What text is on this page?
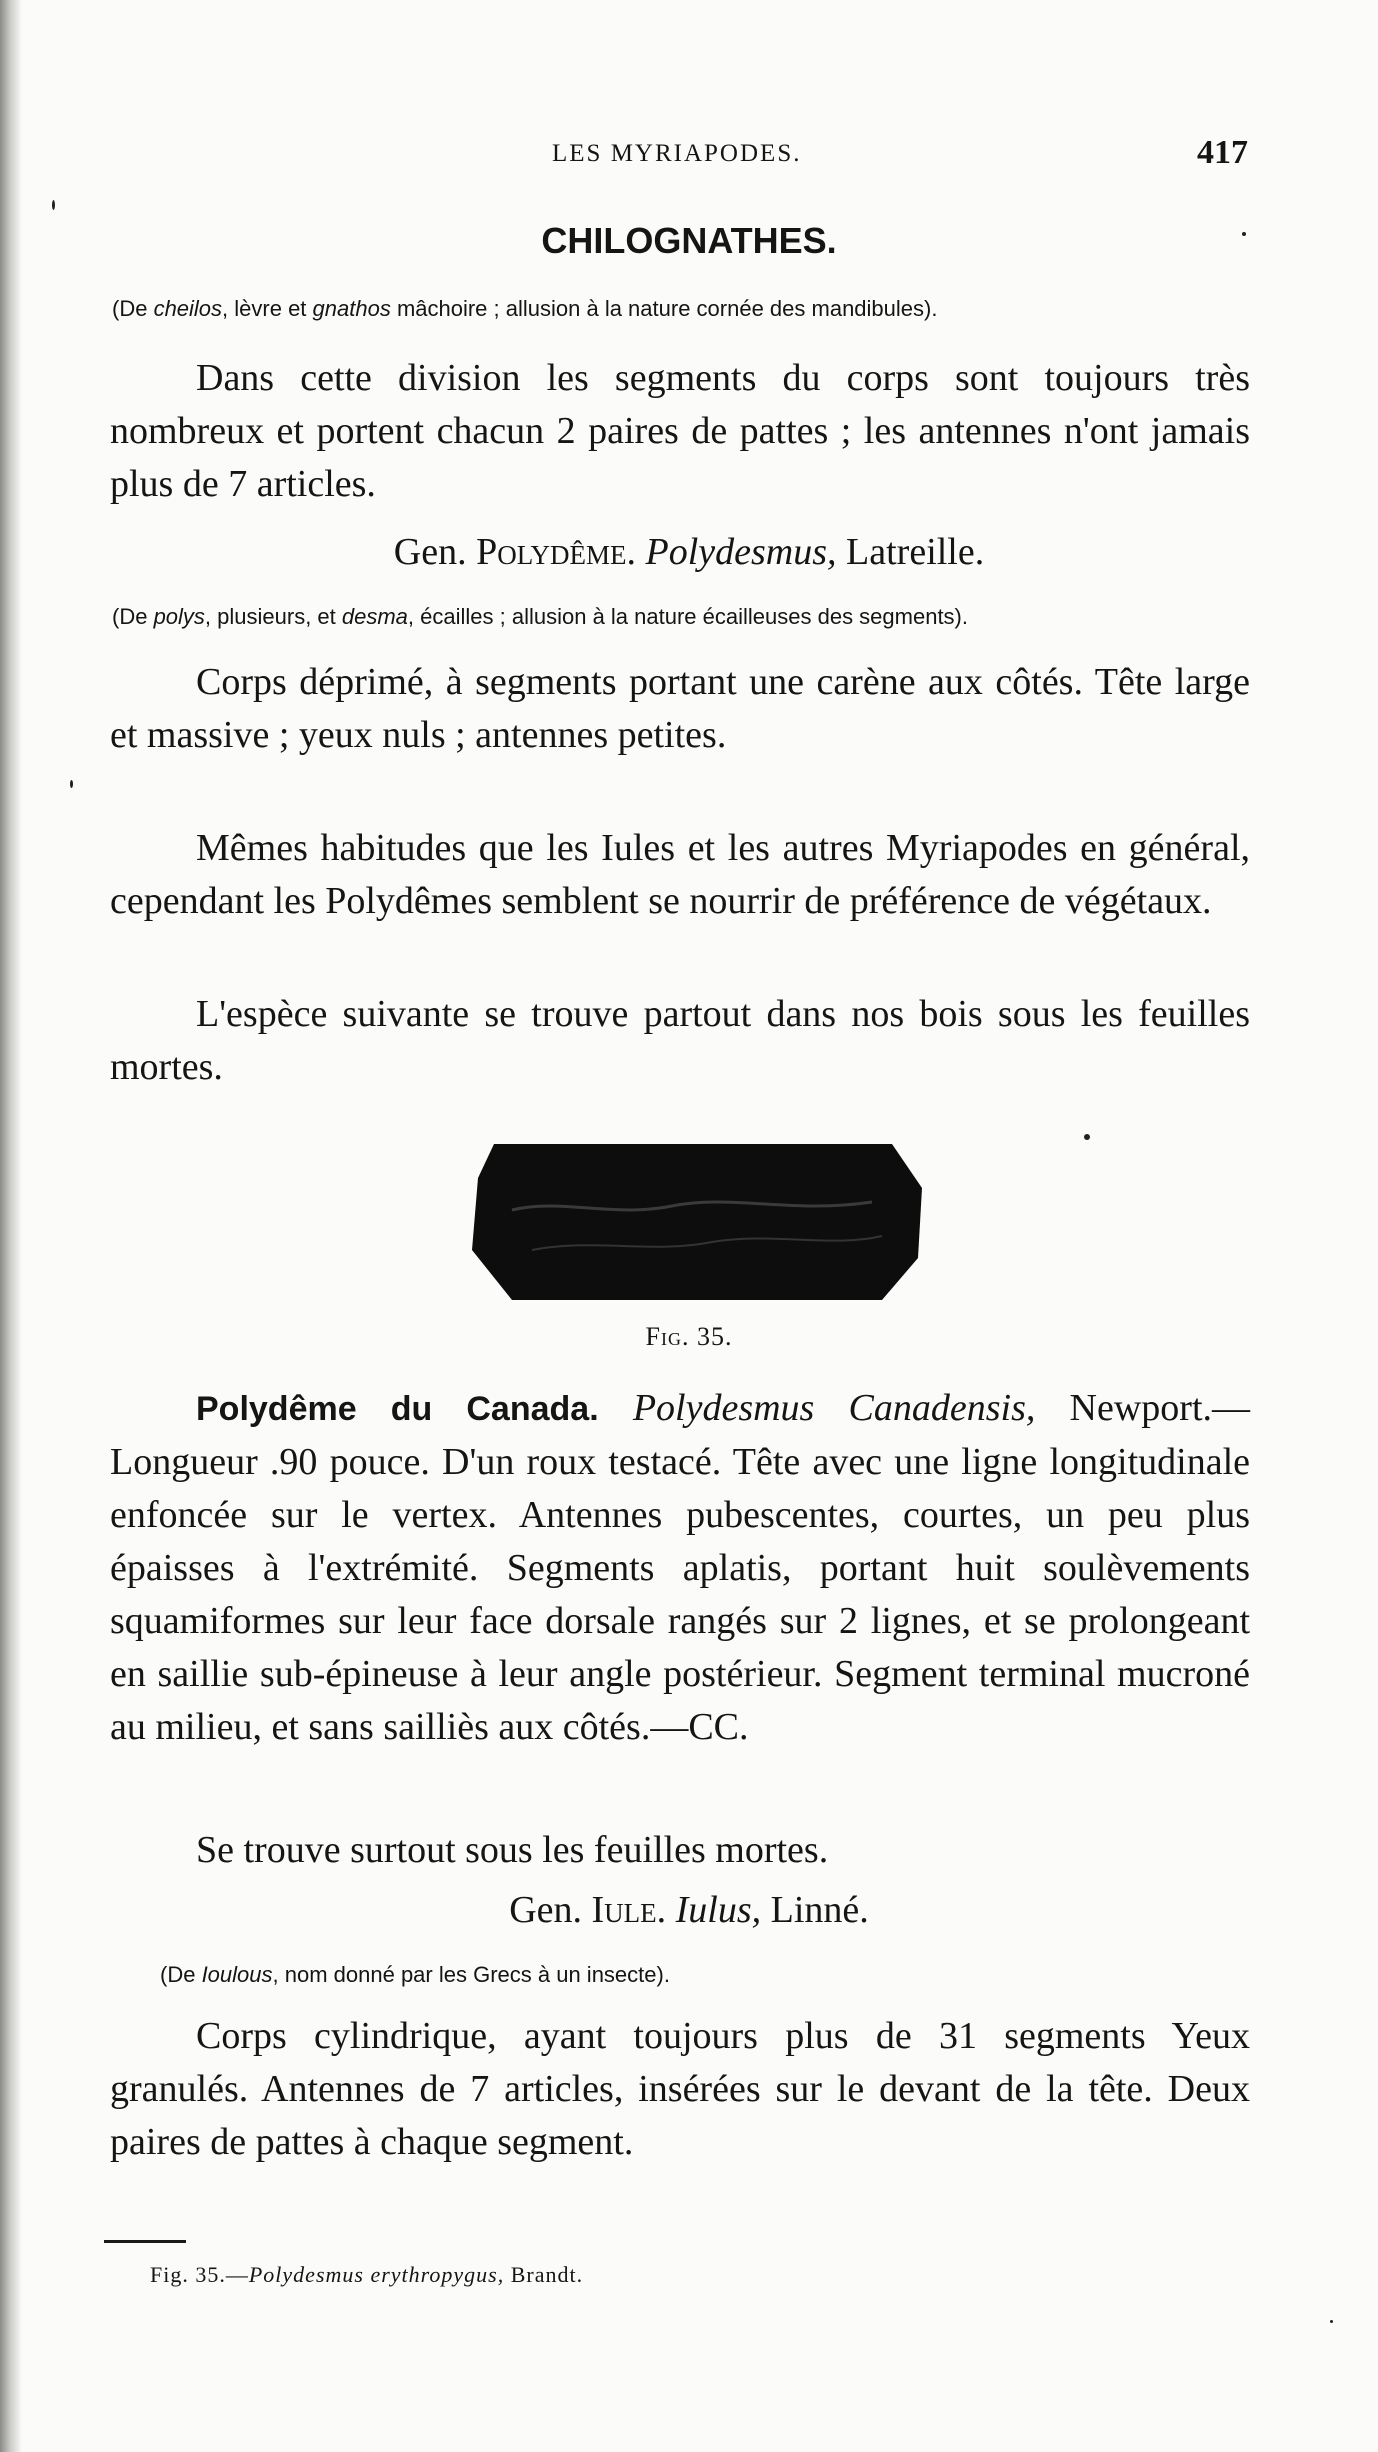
LES MYRIAPODES.	417
CHILOGNATHES.
(De cheilos, lèvre et gnathos mâchoire ; allusion à la nature cornée des mandibules).

Dans cette division les segments du corps sont toujours très nombreux et portent chacun 2 paires de pattes ; les antennes n'ont jamais plus de 7 articles.

Gen. Polydême. Polydesmus, Latreille.
(De polys, plusieurs, et desma, écailles ; allusion à la nature écailleuses des segments).

Corps déprimé, à segments portant une carène aux côtés. Tête large et massive ; yeux nuls ; antennes petites.

Mêmes habitudes que les Iules et les autres Myriapodes en général, cependant les Polydêmes semblent se nourrir de préférence de végétaux.

L'espèce suivante se trouve partout dans nos bois sous les feuilles mortes.

Fig. 35.

Polydême du Canada. Polydesmus Canadensis, Newport.—Longueur .90 pouce. D'un roux testacé. Tête avec une ligne longitudinale enfoncée sur le vertex. Antennes pubescentes, courtes, un peu plus épaisses à l'extrémité. Segments aplatis, portant huit soulèvements squamiformes sur leur face dorsale rangés sur 2 lignes, et se prolongeant en saillie sub-épineuse à leur angle postérieur. Segment terminal mucroné au milieu, et sans sailliès aux côtés.—CC.

Se trouve surtout sous les feuilles mortes.

Gen. Iule. Iulus, Linné.
(De Ioulous, nom donné par les Grecs à un insecte).

Corps cylindrique, ayant toujours plus de 31 segments Yeux granulés. Antennes de 7 articles, insérées sur le devant de la tête. Deux paires de pattes à chaque segment.

Fig. 35.—Polydesmus erythropygus, Brandt.
